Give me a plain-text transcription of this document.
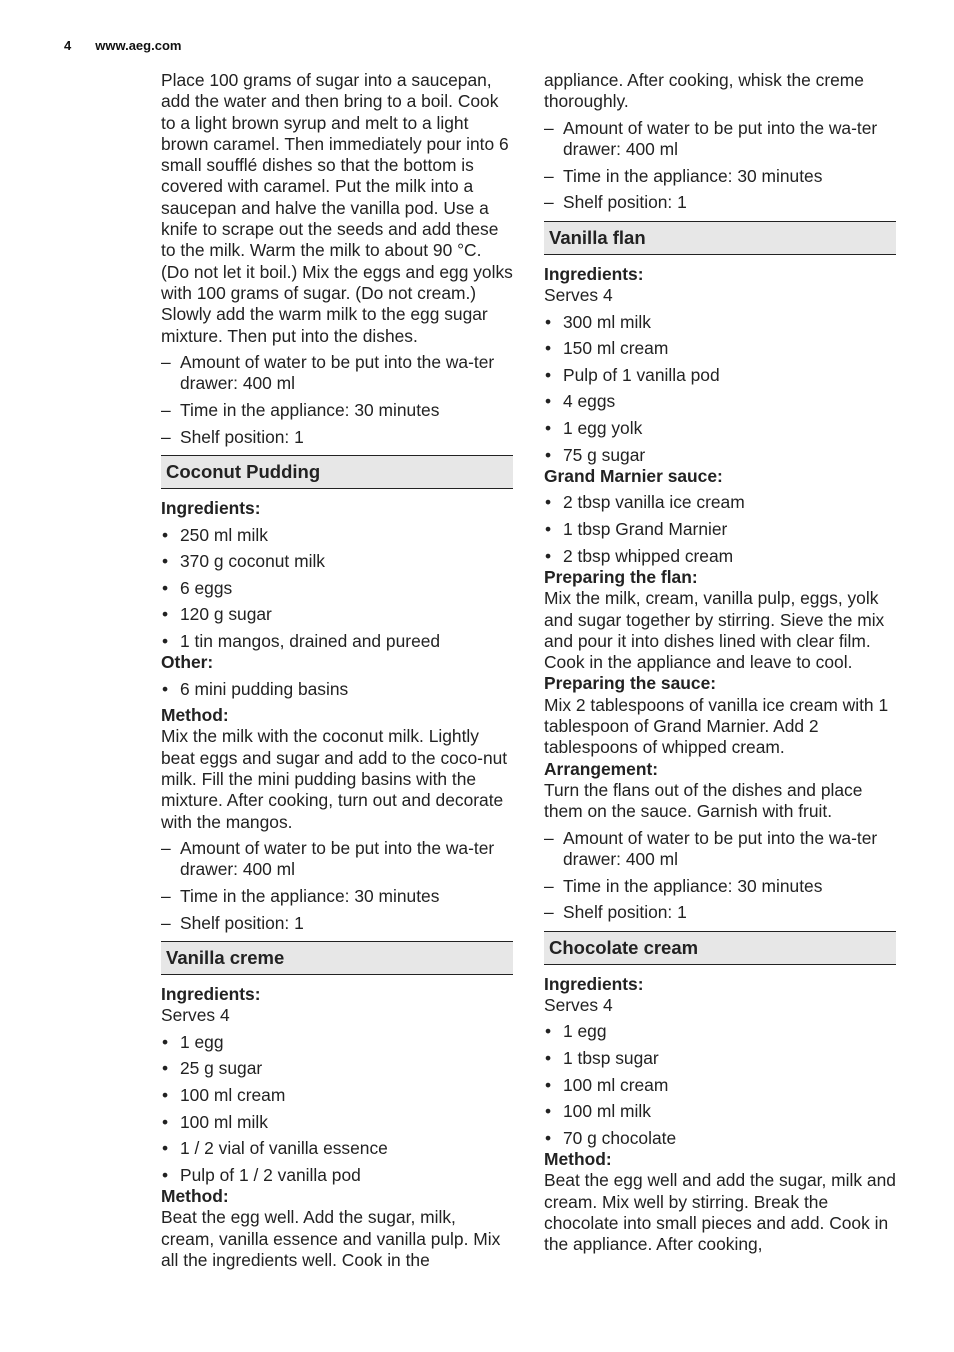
4 www.aeg.com

Place 100 grams of sugar into a saucepan, add the water and then bring to a boil. Cook to a light brown syrup and melt to a light brown caramel. Then immediately pour into 6 small soufflé dishes so that the bottom is covered with caramel. Put the milk into a saucepan and halve the vanilla pod. Use a knife to scrape out the seeds and add these to the milk. Warm the milk to about 90 °C. (Do not let it boil.) Mix the eggs and egg yolks with 100 grams of sugar. (Do not cream.) Slowly add the warm milk to the egg sugar mixture. Then put into the dishes.

– Amount of water to be put into the wa-ter drawer: 400 ml
– Time in the appliance: 30 minutes
– Shelf position: 1
Coconut Pudding
Ingredients:
• 250 ml milk
• 370 g coconut milk
• 6 eggs
• 120 g sugar
• 1 tin mangos, drained and pureed
Other:
• 6 mini pudding basins
Method:

Mix the milk with the coconut milk. Lightly beat eggs and sugar and add to the coco-nut milk. Fill the mini pudding basins with the mixture. After cooking, turn out and decorate with the mangos.

– Amount of water to be put into the wa-ter drawer: 400 ml
– Time in the appliance: 30 minutes
– Shelf position: 1
Vanilla creme
Ingredients:

Serves 4

• 1 egg
• 25 g sugar
• 100 ml cream
• 100 ml milk
• 1 / 2 vial of vanilla essence
• Pulp of 1 / 2 vanilla pod
Method:

Beat the egg well. Add the sugar, milk, cream, vanilla essence and vanilla pulp. Mix all the ingredients well. Cook in the

appliance. After cooking, whisk the creme thoroughly.

– Amount of water to be put into the wa-ter drawer: 400 ml
– Time in the appliance: 30 minutes
– Shelf position: 1
Vanilla flan
Ingredients:

Serves 4

• 300 ml milk
• 150 ml cream
• Pulp of 1 vanilla pod
• 4 eggs
• 1 egg yolk
• 75 g sugar
Grand Marnier sauce:
• 2 tbsp vanilla ice cream
• 1 tbsp Grand Marnier
• 2 tbsp whipped cream
Preparing the flan:

Mix the milk, cream, vanilla pulp, eggs, yolk and sugar together by stirring. Sieve the mix and pour it into dishes lined with clear film. Cook in the appliance and leave to cool.

Preparing the sauce:

Mix 2 tablespoons of vanilla ice cream with 1 tablespoon of Grand Marnier. Add 2 tablespoons of whipped cream.

Arrangement:

Turn the flans out of the dishes and place them on the sauce. Garnish with fruit.

– Amount of water to be put into the wa-ter drawer: 400 ml
– Time in the appliance: 30 minutes
– Shelf position: 1
Chocolate cream
Ingredients:

Serves 4

• 1 egg
• 1 tbsp sugar
• 100 ml cream
• 100 ml milk
• 70 g chocolate
Method:

Beat the egg well and add the sugar, milk and cream. Mix well by stirring. Break the chocolate into small pieces and add. Cook in the appliance. After cooking,
